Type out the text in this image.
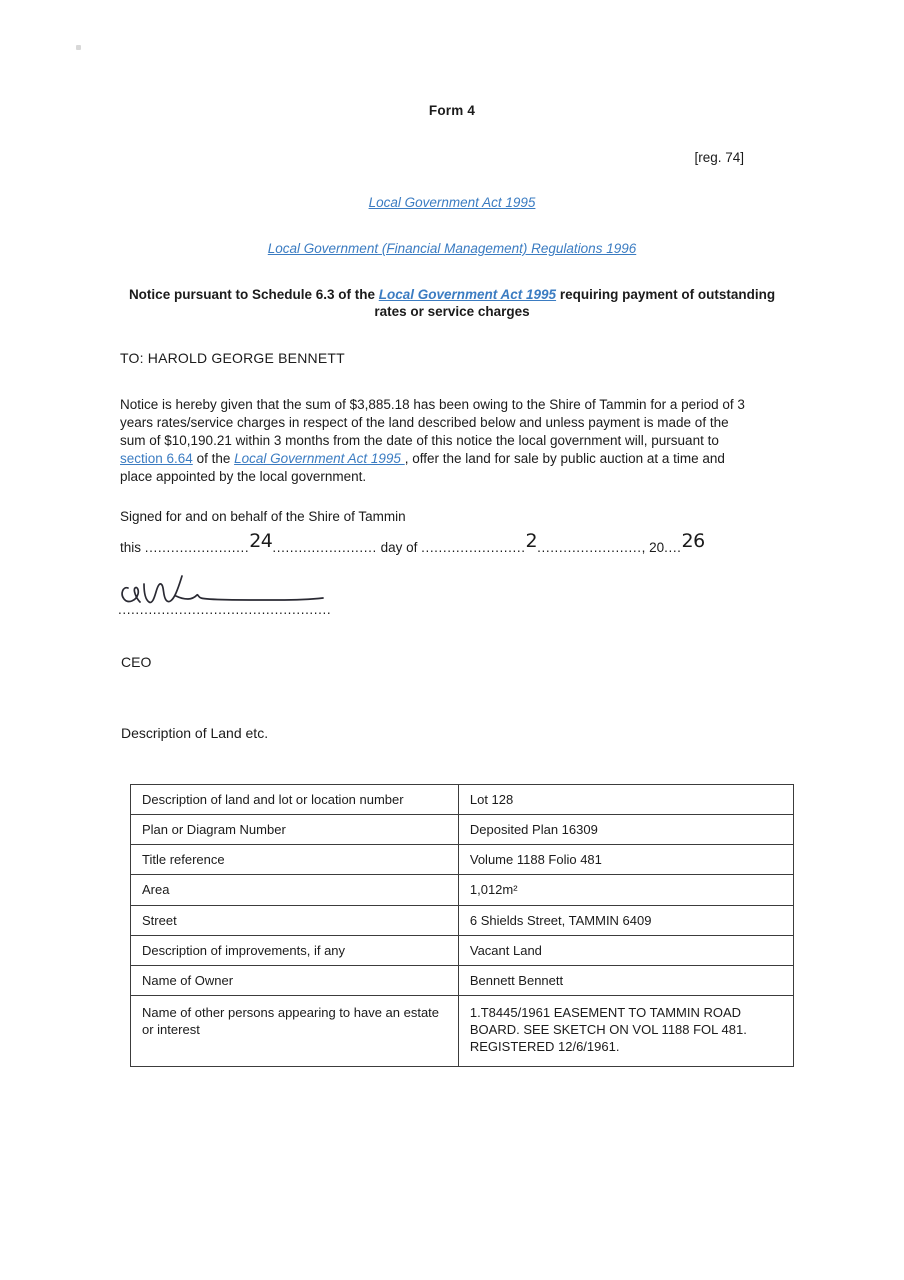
Form 4
[reg. 74]
Local Government Act 1995
Local Government (Financial Management) Regulations 1996
Notice pursuant to Schedule 6.3 of the Local Government Act 1995 requiring payment of outstanding rates or service charges
TO: HAROLD GEORGE BENNETT
Notice is hereby given that the sum of $3,885.18 has been owing to the Shire of Tammin for a period of 3 years rates/service charges in respect of the land described below and unless payment is made of the sum of $10,190.21 within 3 months from the date of this notice the local government will, pursuant to section 6.64 of the Local Government Act 1995 , offer the land for sale by public auction at a time and place appointed by the local government.
Signed for and on behalf of the Shire of Tammin
this ........................24........................ day of ........................2........................, 20....26
.................................................
CEO
Description of Land etc.
Description of land and lot or location number	Lot 128
Plan or Diagram Number	Deposited Plan 16309
Title reference	Volume 1188 Folio 481
Area	1,012m²
Street	6 Shields Street, TAMMIN 6409
Description of improvements, if any	Vacant Land
Name of Owner	Bennett Bennett
Name of other persons appearing to have an estate or interest	1.T8445/1961 EASEMENT TO TAMMIN ROAD BOARD. SEE SKETCH ON VOL 1188 FOL 481. REGISTERED 12/6/1961.
